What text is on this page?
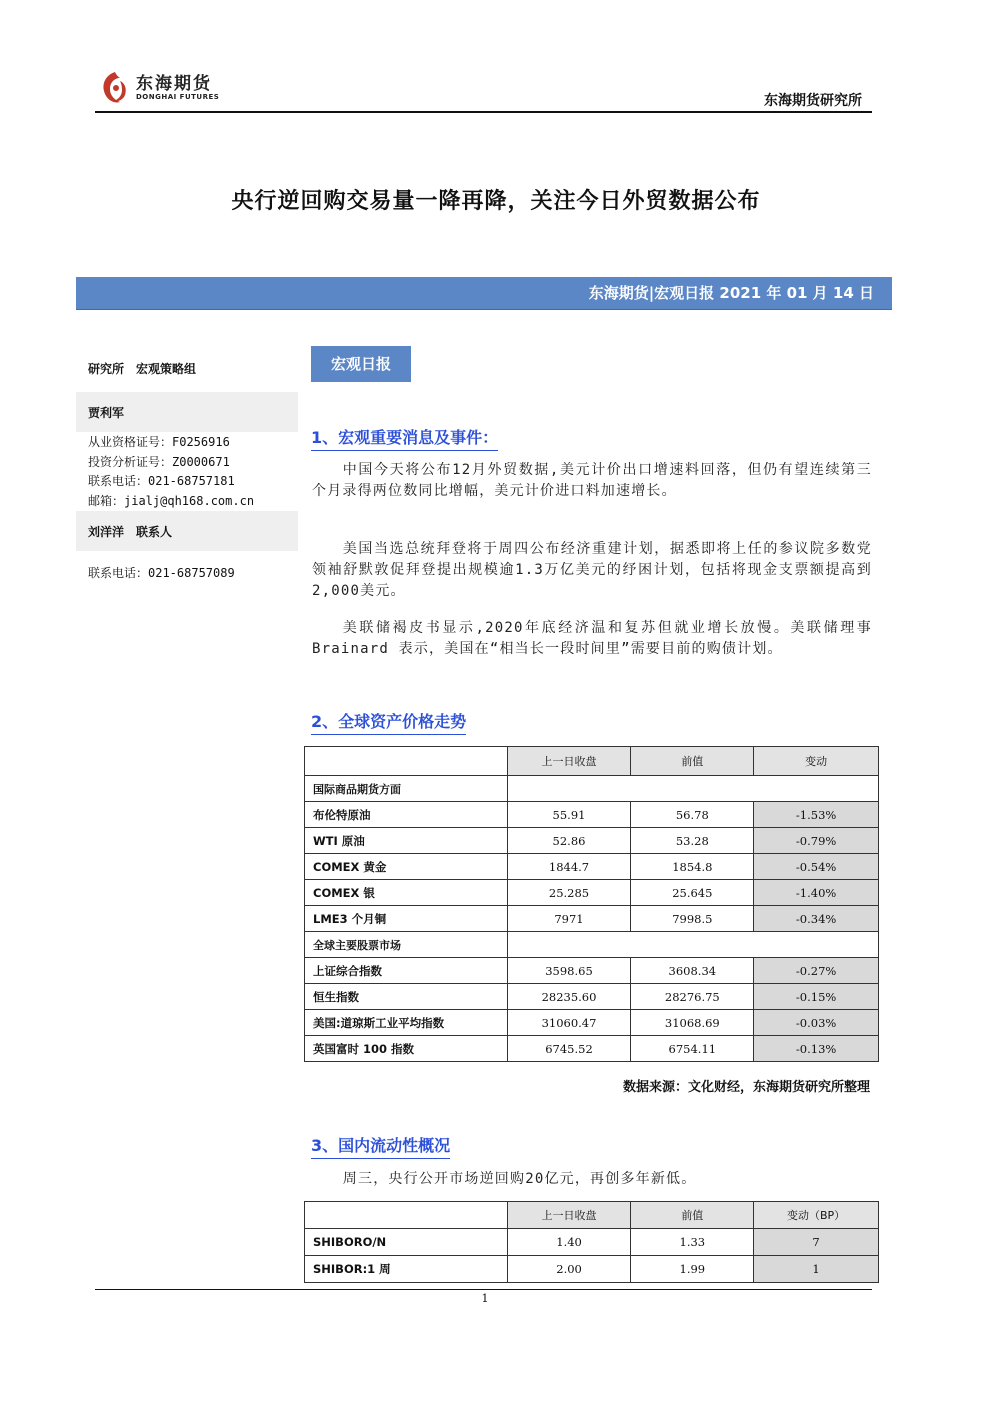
东海期货
DONGHAI FUTURES	东海期货研究所
央行逆回购交易量一降再降，关注今日外贸数据公布
东海期货|宏观日报 2021 年 01 月 14 日
研究所　宏观策略组
贾利军
从业资格证号：F0256916
投资分析证号：Z0000671
联系电话：021-68757181
邮箱：jialj@qh168.com.cn
刘洋洋　联系人
联系电话：021-68757089
宏观日报
1、宏观重要消息及事件：
中国今天将公布12月外贸数据,美元计价出口增速料回落，但仍有望连续第三个月录得两位数同比增幅，美元计价进口料加速增长。
美国当选总统拜登将于周四公布经济重建计划，据悉即将上任的参议院多数党领袖舒默敦促拜登提出规模逾1.3万亿美元的纾困计划，包括将现金支票额提高到2,000美元。
美联储褐皮书显示,2020年底经济温和复苏但就业增长放慢。美联储理事 Brainard 表示，美国在“相当长一段时间里”需要目前的购债计划。
2、全球资产价格走势
	上一日收盘	前值	变动
国际商品期货方面			
布伦特原油	55.91	56.78	-1.53%
WTI 原油	52.86	53.28	-0.79%
COMEX 黄金	1844.7	1854.8	-0.54%
COMEX 银	25.285	25.645	-1.40%
LME3 个月铜	7971	7998.5	-0.34%
全球主要股票市场			
上证综合指数	3598.65	3608.34	-0.27%
恒生指数	28235.60	28276.75	-0.15%
美国:道琼斯工业平均指数	31060.47	31068.69	-0.03%
英国富时 100 指数	6745.52	6754.11	-0.13%
数据来源：文化财经，东海期货研究所整理
3、国内流动性概况
周三，央行公开市场逆回购20亿元，再创多年新低。
	上一日收盘	前值	变动（BP）
SHIBORO/N	1.40	1.33	7
SHIBOR:1 周	2.00	1.99	1
1
